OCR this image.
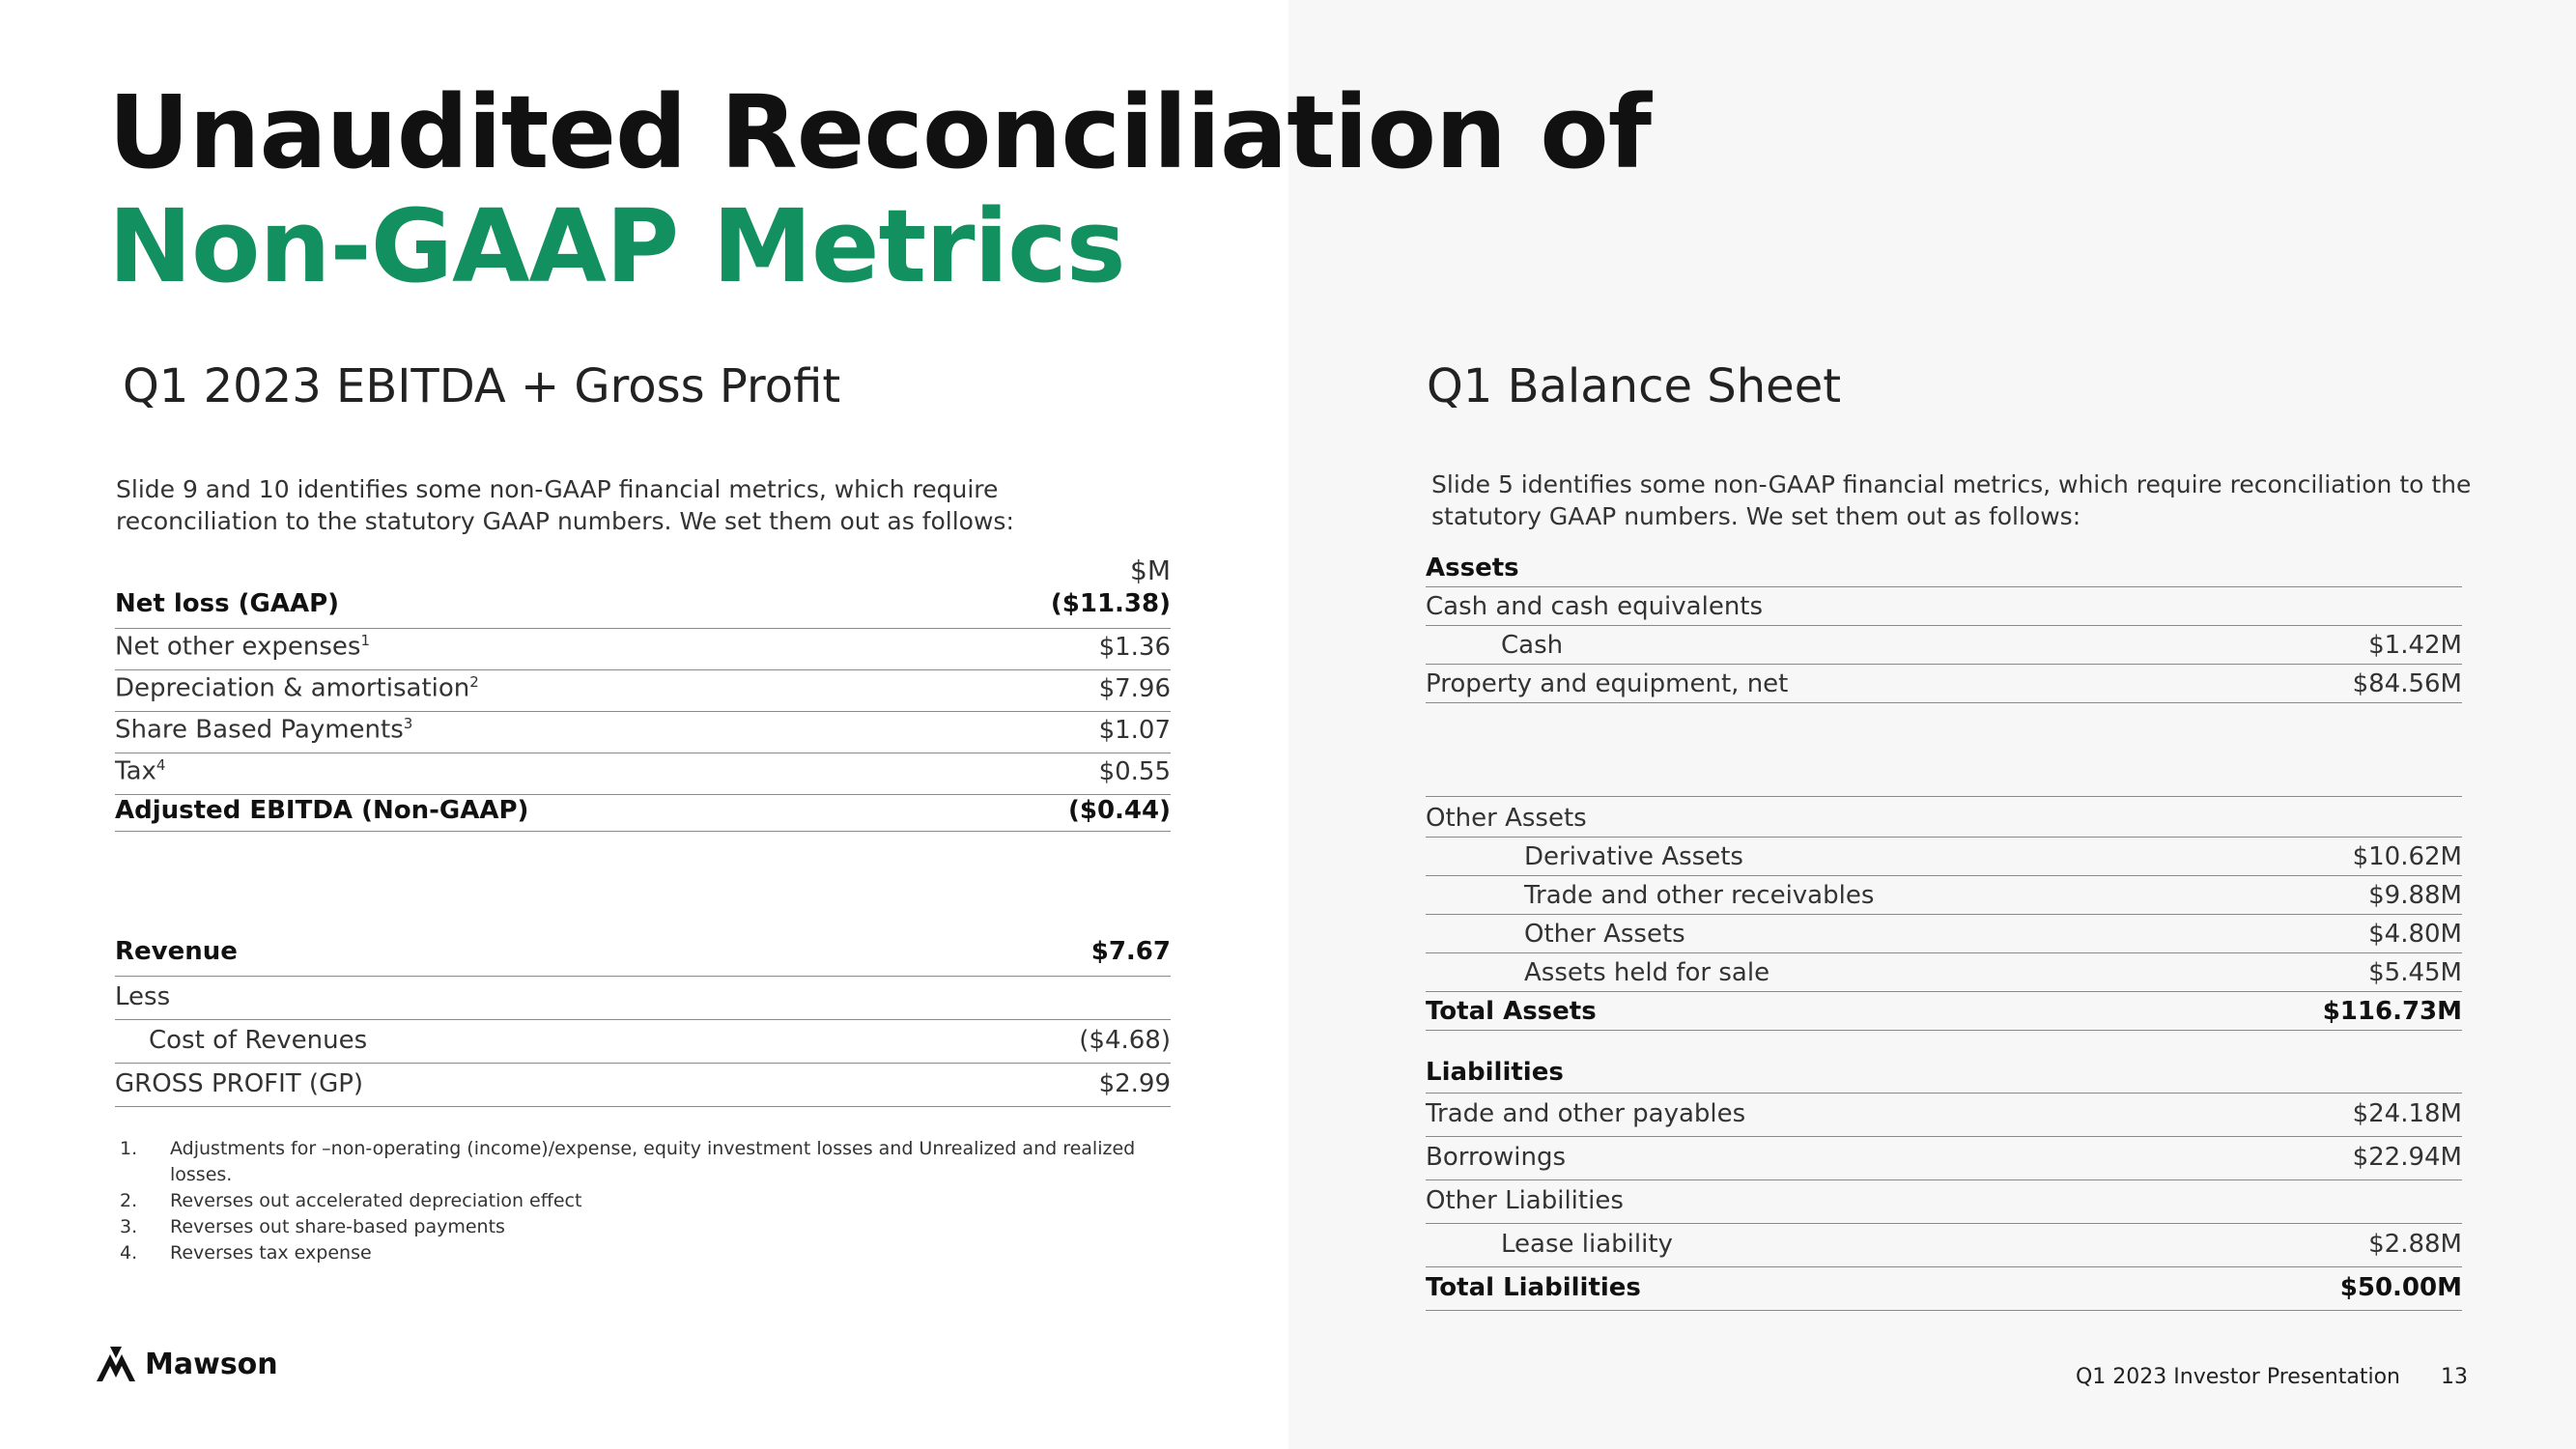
Unaudited Reconciliation of
Non-GAAP Metrics
Q1 2023 EBITDA + Gross Profit
Slide 9 and 10 identifies some non-GAAP financial metrics, which require reconciliation to the statutory GAAP numbers. We set them out as follows:
$M
Net loss (GAAP)	($11.38)
Net other expenses$^1$	$1.36
Depreciation & amortisation$^2$	$7.96
Share Based Payments$^3$	$1.07
Tax$^4$	$0.55
Adjusted EBITDA (Non-GAAP)	($0.44)
Revenue	$7.67
Less
Cost of Revenues	($4.68)
GROSS PROFIT (GP)	$2.99
1.	Adjustments for –non-operating (income)/expense, equity investment losses and Unrealized and realized losses.
2.	Reverses out accelerated depreciation effect
3.	Reverses out share-based payments
4.	Reverses tax expense
Q1 Balance Sheet
Slide 5 identifies some non-GAAP financial metrics, which require reconciliation to the statutory GAAP numbers. We set them out as follows:
Assets
Cash and cash equivalents
Cash	$1.42M
Property and equipment, net	$84.56M
Other Assets
Derivative Assets	$10.62M
Trade and other receivables	$9.88M
Other Assets	$4.80M
Assets held for sale	$5.45M
Total Assets	$116.73M
Liabilities
Trade and other payables	$24.18M
Borrowings	$22.94M
Other Liabilities
Lease liability	$2.88M
Total Liabilities	$50.00M
Mawson	Q1 2023 Investor Presentation 13
